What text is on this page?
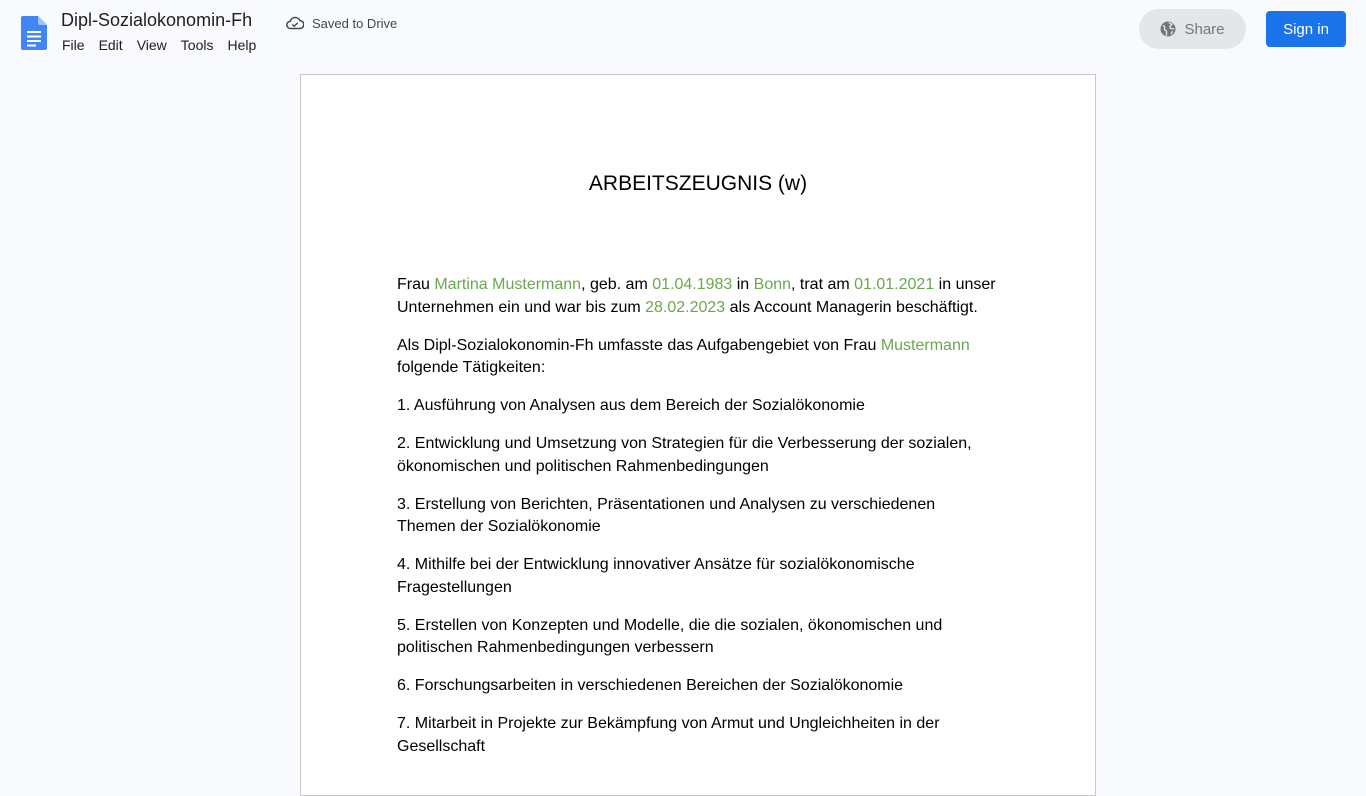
Dipl-Sozialokonomin-Fh	Saved to Drive
File	Edit	View	Tools	Help
Share	Sign in
ARBEITSZEUGNIS (w)

Frau Martina Mustermann, geb. am 01.04.1983 in Bonn, trat am 01.01.2021 in unser Unternehmen ein und war bis zum 28.02.2023 als Account Managerin beschäftigt.

Als Dipl-Sozialokonomin-Fh umfasste das Aufgabengebiet von Frau Mustermann folgende Tätigkeiten:

1. Ausführung von Analysen aus dem Bereich der Sozialökonomie

2. Entwicklung und Umsetzung von Strategien für die Verbesserung der sozialen, ökonomischen und politischen Rahmenbedingungen

3. Erstellung von Berichten, Präsentationen und Analysen zu verschiedenen Themen der Sozialökonomie

4. Mithilfe bei der Entwicklung innovativer Ansätze für sozialökonomische Fragestellungen

5. Erstellen von Konzepten und Modelle, die die sozialen, ökonomischen und politischen Rahmenbedingungen verbessern

6. Forschungsarbeiten in verschiedenen Bereichen der Sozialökonomie

7. Mitarbeit in Projekte zur Bekämpfung von Armut und Ungleichheiten in der Gesellschaft
